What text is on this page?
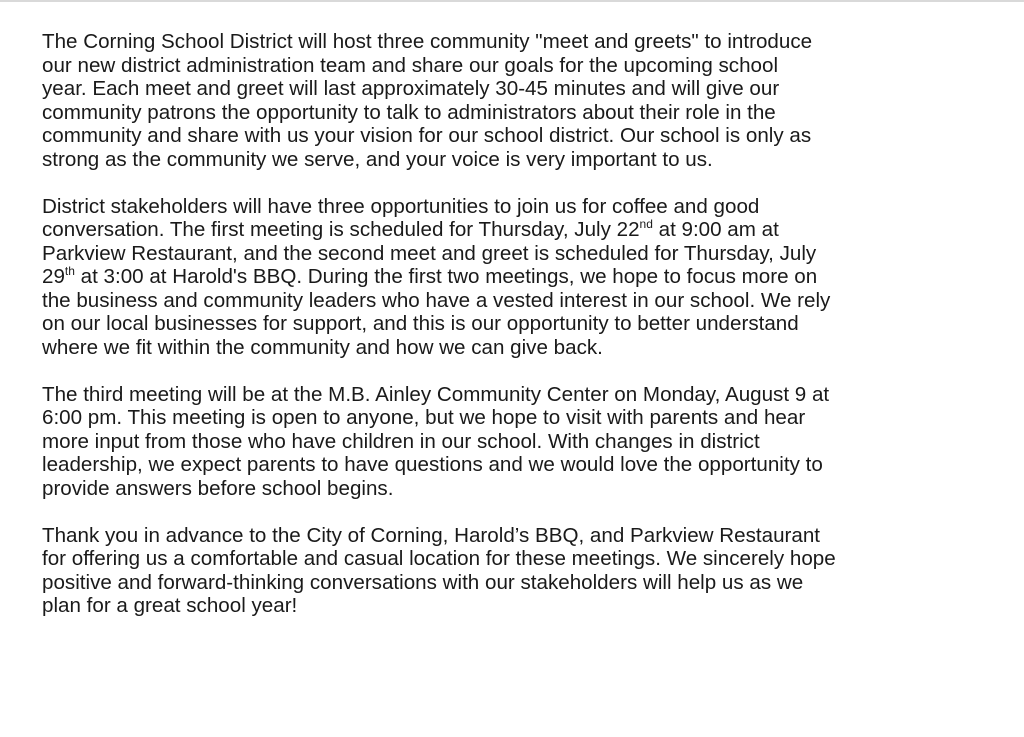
The Corning School District will host three community "meet and greets" to introduce
our new district administration team and share our goals for the upcoming school
year. Each meet and greet will last approximately 30-45 minutes and will give our
community patrons the opportunity to talk to administrators about their role in the
community and share with us your vision for our school district. Our school is only as
strong as the community we serve, and your voice is very important to us.

District stakeholders will have three opportunities to join us for coffee and good
conversation. The first meeting is scheduled for Thursday, July 22nd at 9:00 am at
Parkview Restaurant, and the second meet and greet is scheduled for Thursday, July
29th at 3:00 at Harold's BBQ. During the first two meetings, we hope to focus more on
the business and community leaders who have a vested interest in our school. We rely
on our local businesses for support, and this is our opportunity to better understand
where we fit within the community and how we can give back.

The third meeting will be at the M.B. Ainley Community Center on Monday, August 9 at
6:00 pm. This meeting is open to anyone, but we hope to visit with parents and hear
more input from those who have children in our school. With changes in district
leadership, we expect parents to have questions and we would love the opportunity to
provide answers before school begins.

Thank you in advance to the City of Corning, Harold’s BBQ, and Parkview Restaurant
for offering us a comfortable and casual location for these meetings. We sincerely hope
positive and forward-thinking conversations with our stakeholders will help us as we
plan for a great school year!
